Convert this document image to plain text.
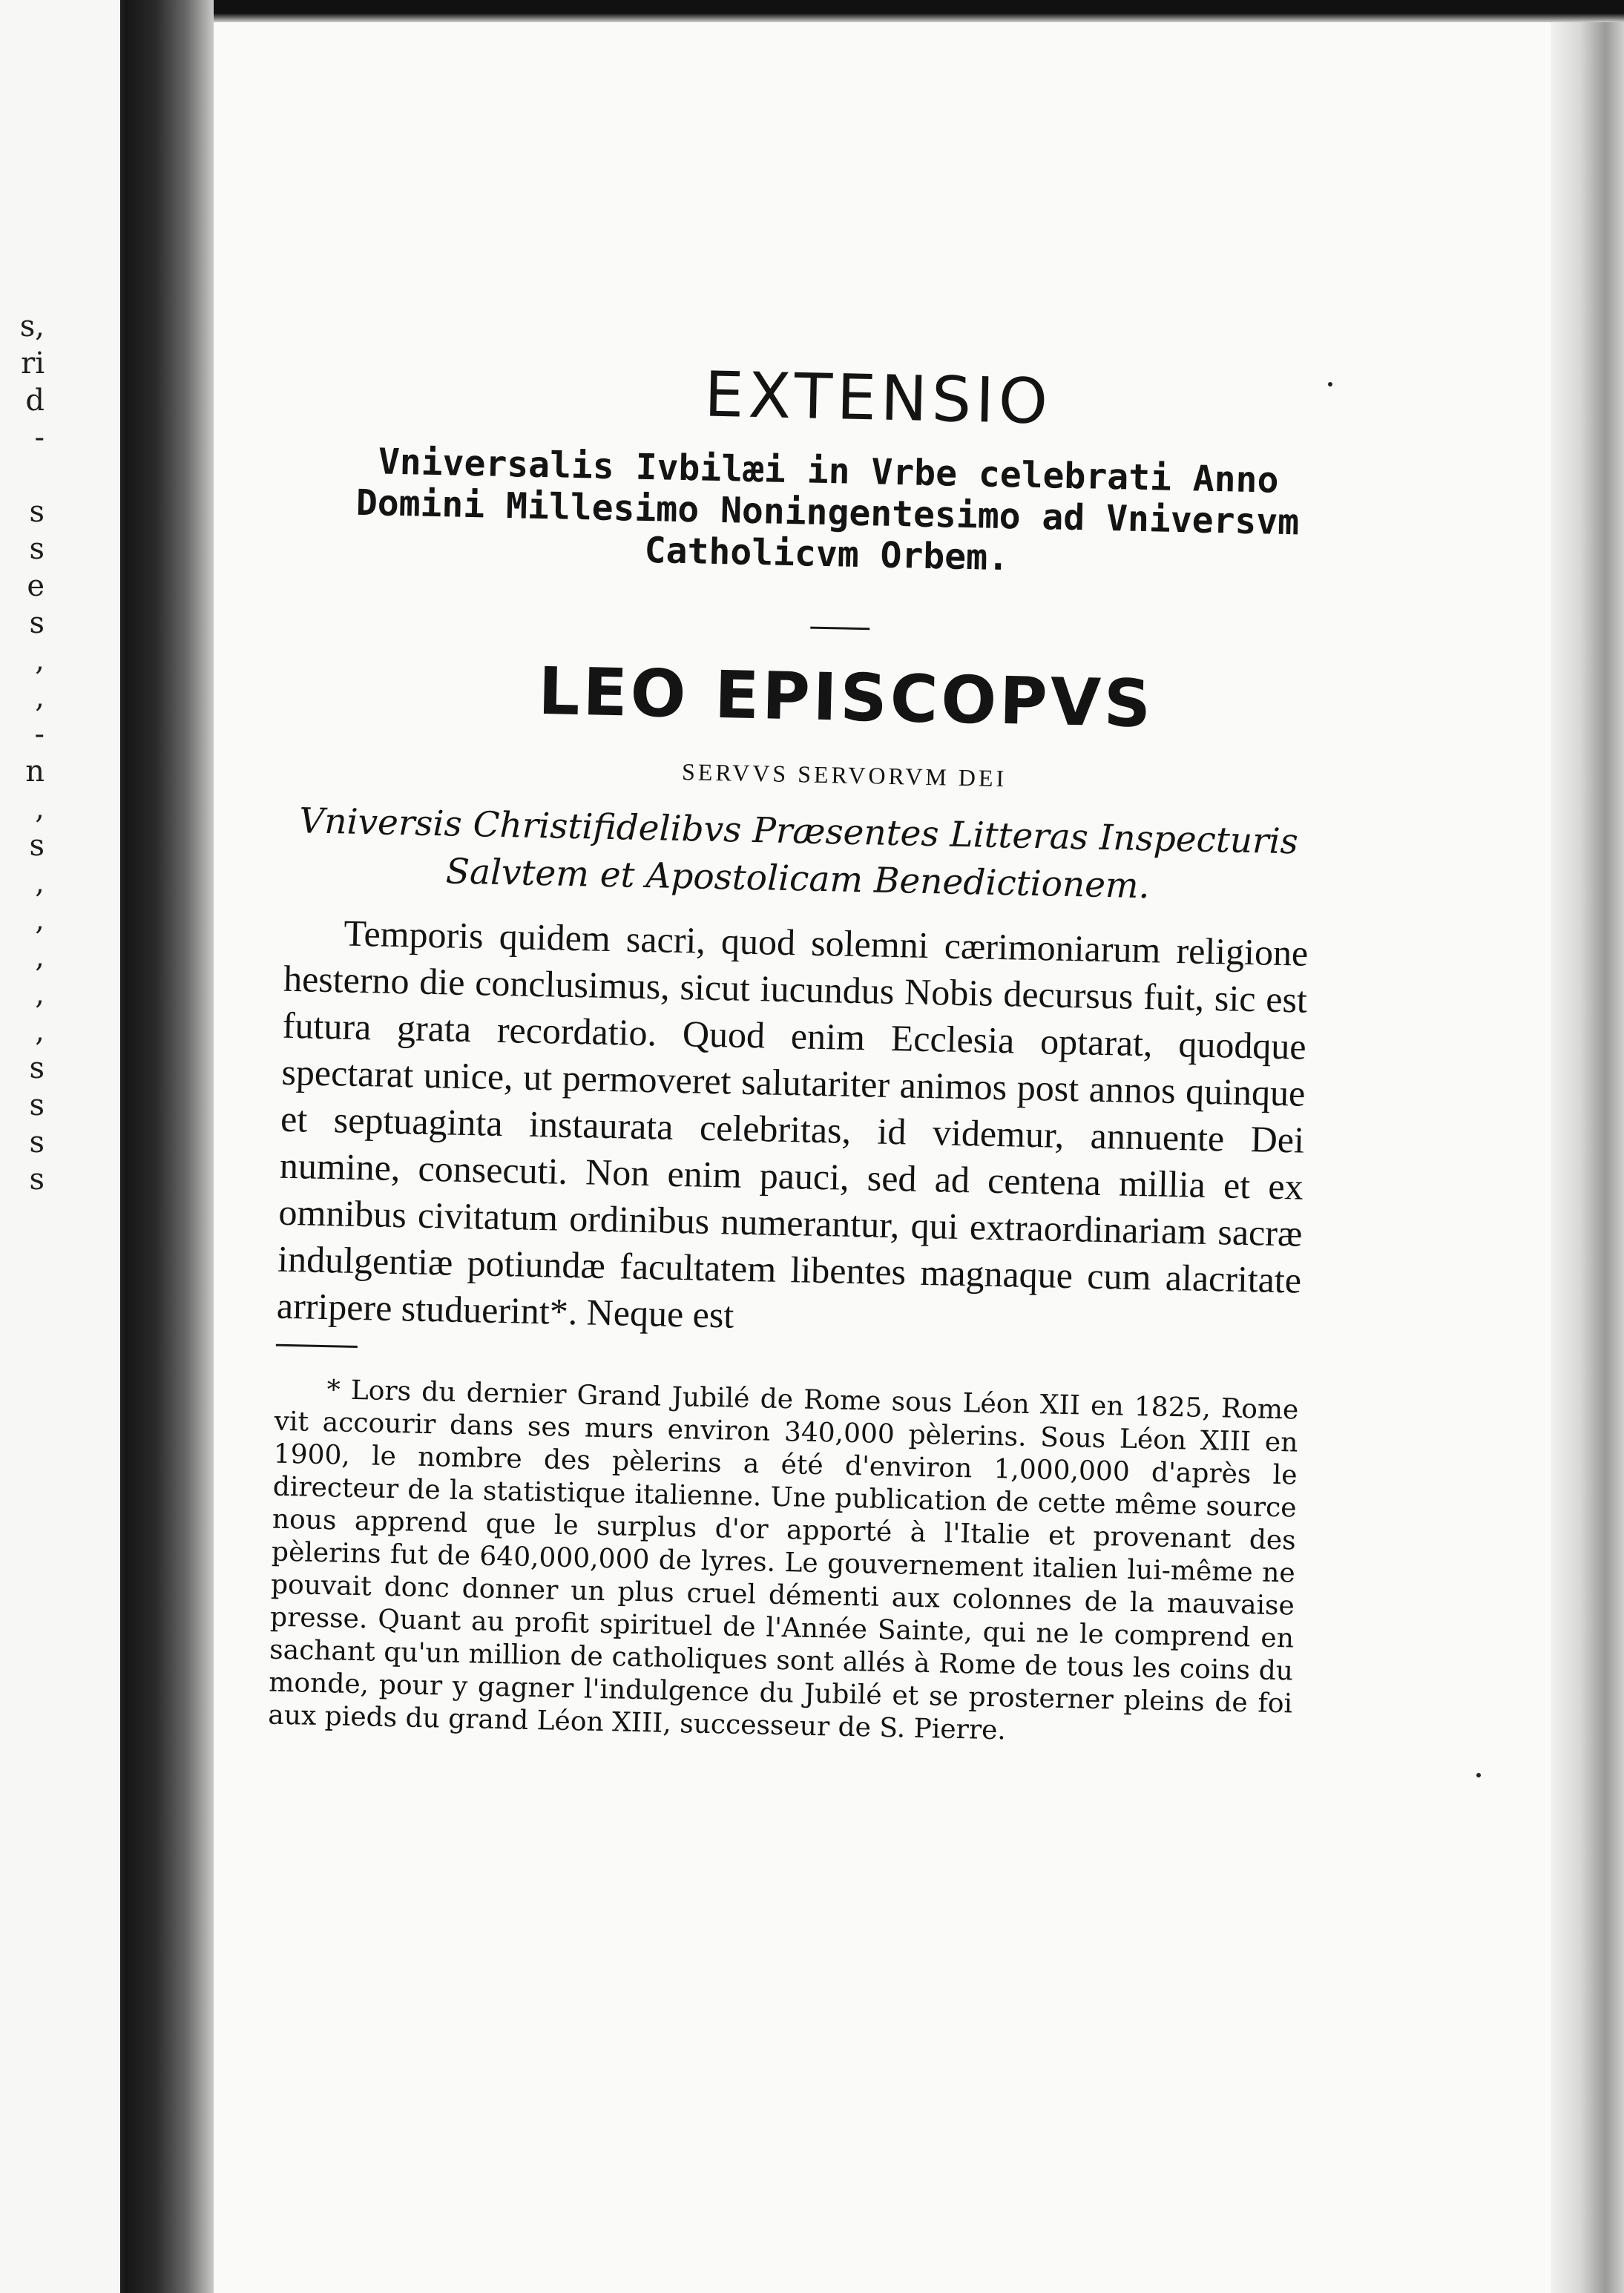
s,
ri
d
-
s
s
e
s
,
,
-
n
,
s
,
,
,
,
,
s
s
s
s
EXTENSIO
Vniversalis Ivbilæi in Vrbe celebrati Anno Domini Millesimo Noningentesimo ad Vniversvm Catholicvm Orbem.
LEO EPISCOPVS
SERVVS SERVORVM DEI
Vniversis Christifidelibvs Præsentes Litteras Inspecturis Salvtem et Apostolicam Benedictionem.

Temporis quidem sacri, quod solemni cærimoniarum religione hesterno die conclusimus, sicut iucundus Nobis decursus fuit, sic est futura grata recordatio. Quod enim Ecclesia optarat, quodque spectarat unice, ut permoveret salutariter animos post annos quinque et septuaginta instaurata celebritas, id videmur, annuente Dei numine, consecuti. Non enim pauci, sed ad centena millia et ex omnibus civitatum ordinibus numerantur, qui extraordinariam sacræ indulgentiæ potiundæ facultatem libentes magnaque cum alacritate arripere studuerint*. Neque est

* Lors du dernier Grand Jubilé de Rome sous Léon XII en 1825, Rome vit accourir dans ses murs environ 340,000 pèlerins. Sous Léon XIII en 1900, le nombre des pèlerins a été d'environ 1,000,000 d'après le directeur de la statistique italienne. Une publication de cette même source nous apprend que le surplus d'or apporté à l'Italie et provenant des pèlerins fut de 640,000,000 de lyres. Le gouvernement italien lui-même ne pouvait donc donner un plus cruel démenti aux colonnes de la mauvaise presse. Quant au profit spirituel de l'Année Sainte, qui ne le comprend en sachant qu'un million de catholiques sont allés à Rome de tous les coins du monde, pour y gagner l'indulgence du Jubilé et se prosterner pleins de foi aux pieds du grand Léon XIII, successeur de S. Pierre.
